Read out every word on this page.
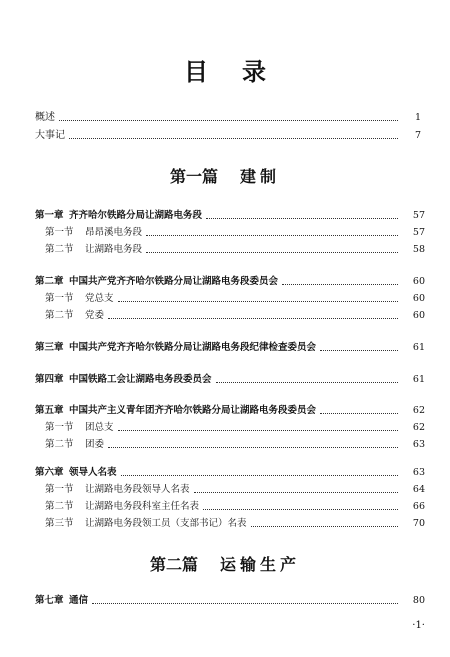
目录
概述	1
大事记	7
第一篇 建制
第一章 齐齐哈尔铁路分局让湖路电务段	57
第一节 昂昂溪电务段	57
第二节 让湖路电务段	58
第二章 中国共产党齐齐哈尔铁路分局让湖路电务段委员会	60
第一节 党总支	60
第二节 党委	60
第三章 中国共产党齐齐哈尔铁路分局让湖路电务段纪律检查委员会	61
第四章 中国铁路工会让湖路电务段委员会	61
第五章 中国共产主义青年团齐齐哈尔铁路分局让湖路电务段委员会	62
第一节 团总支	62
第二节 团委	63
第六章 领导人名表	63
第一节 让湖路电务段领导人名表	64
第二节 让湖路电务段科室主任名表	66
第三节 让湖路电务段领工员（支部书记）名表	70
第二篇 运输生产
第七章 通信	80
·1·
